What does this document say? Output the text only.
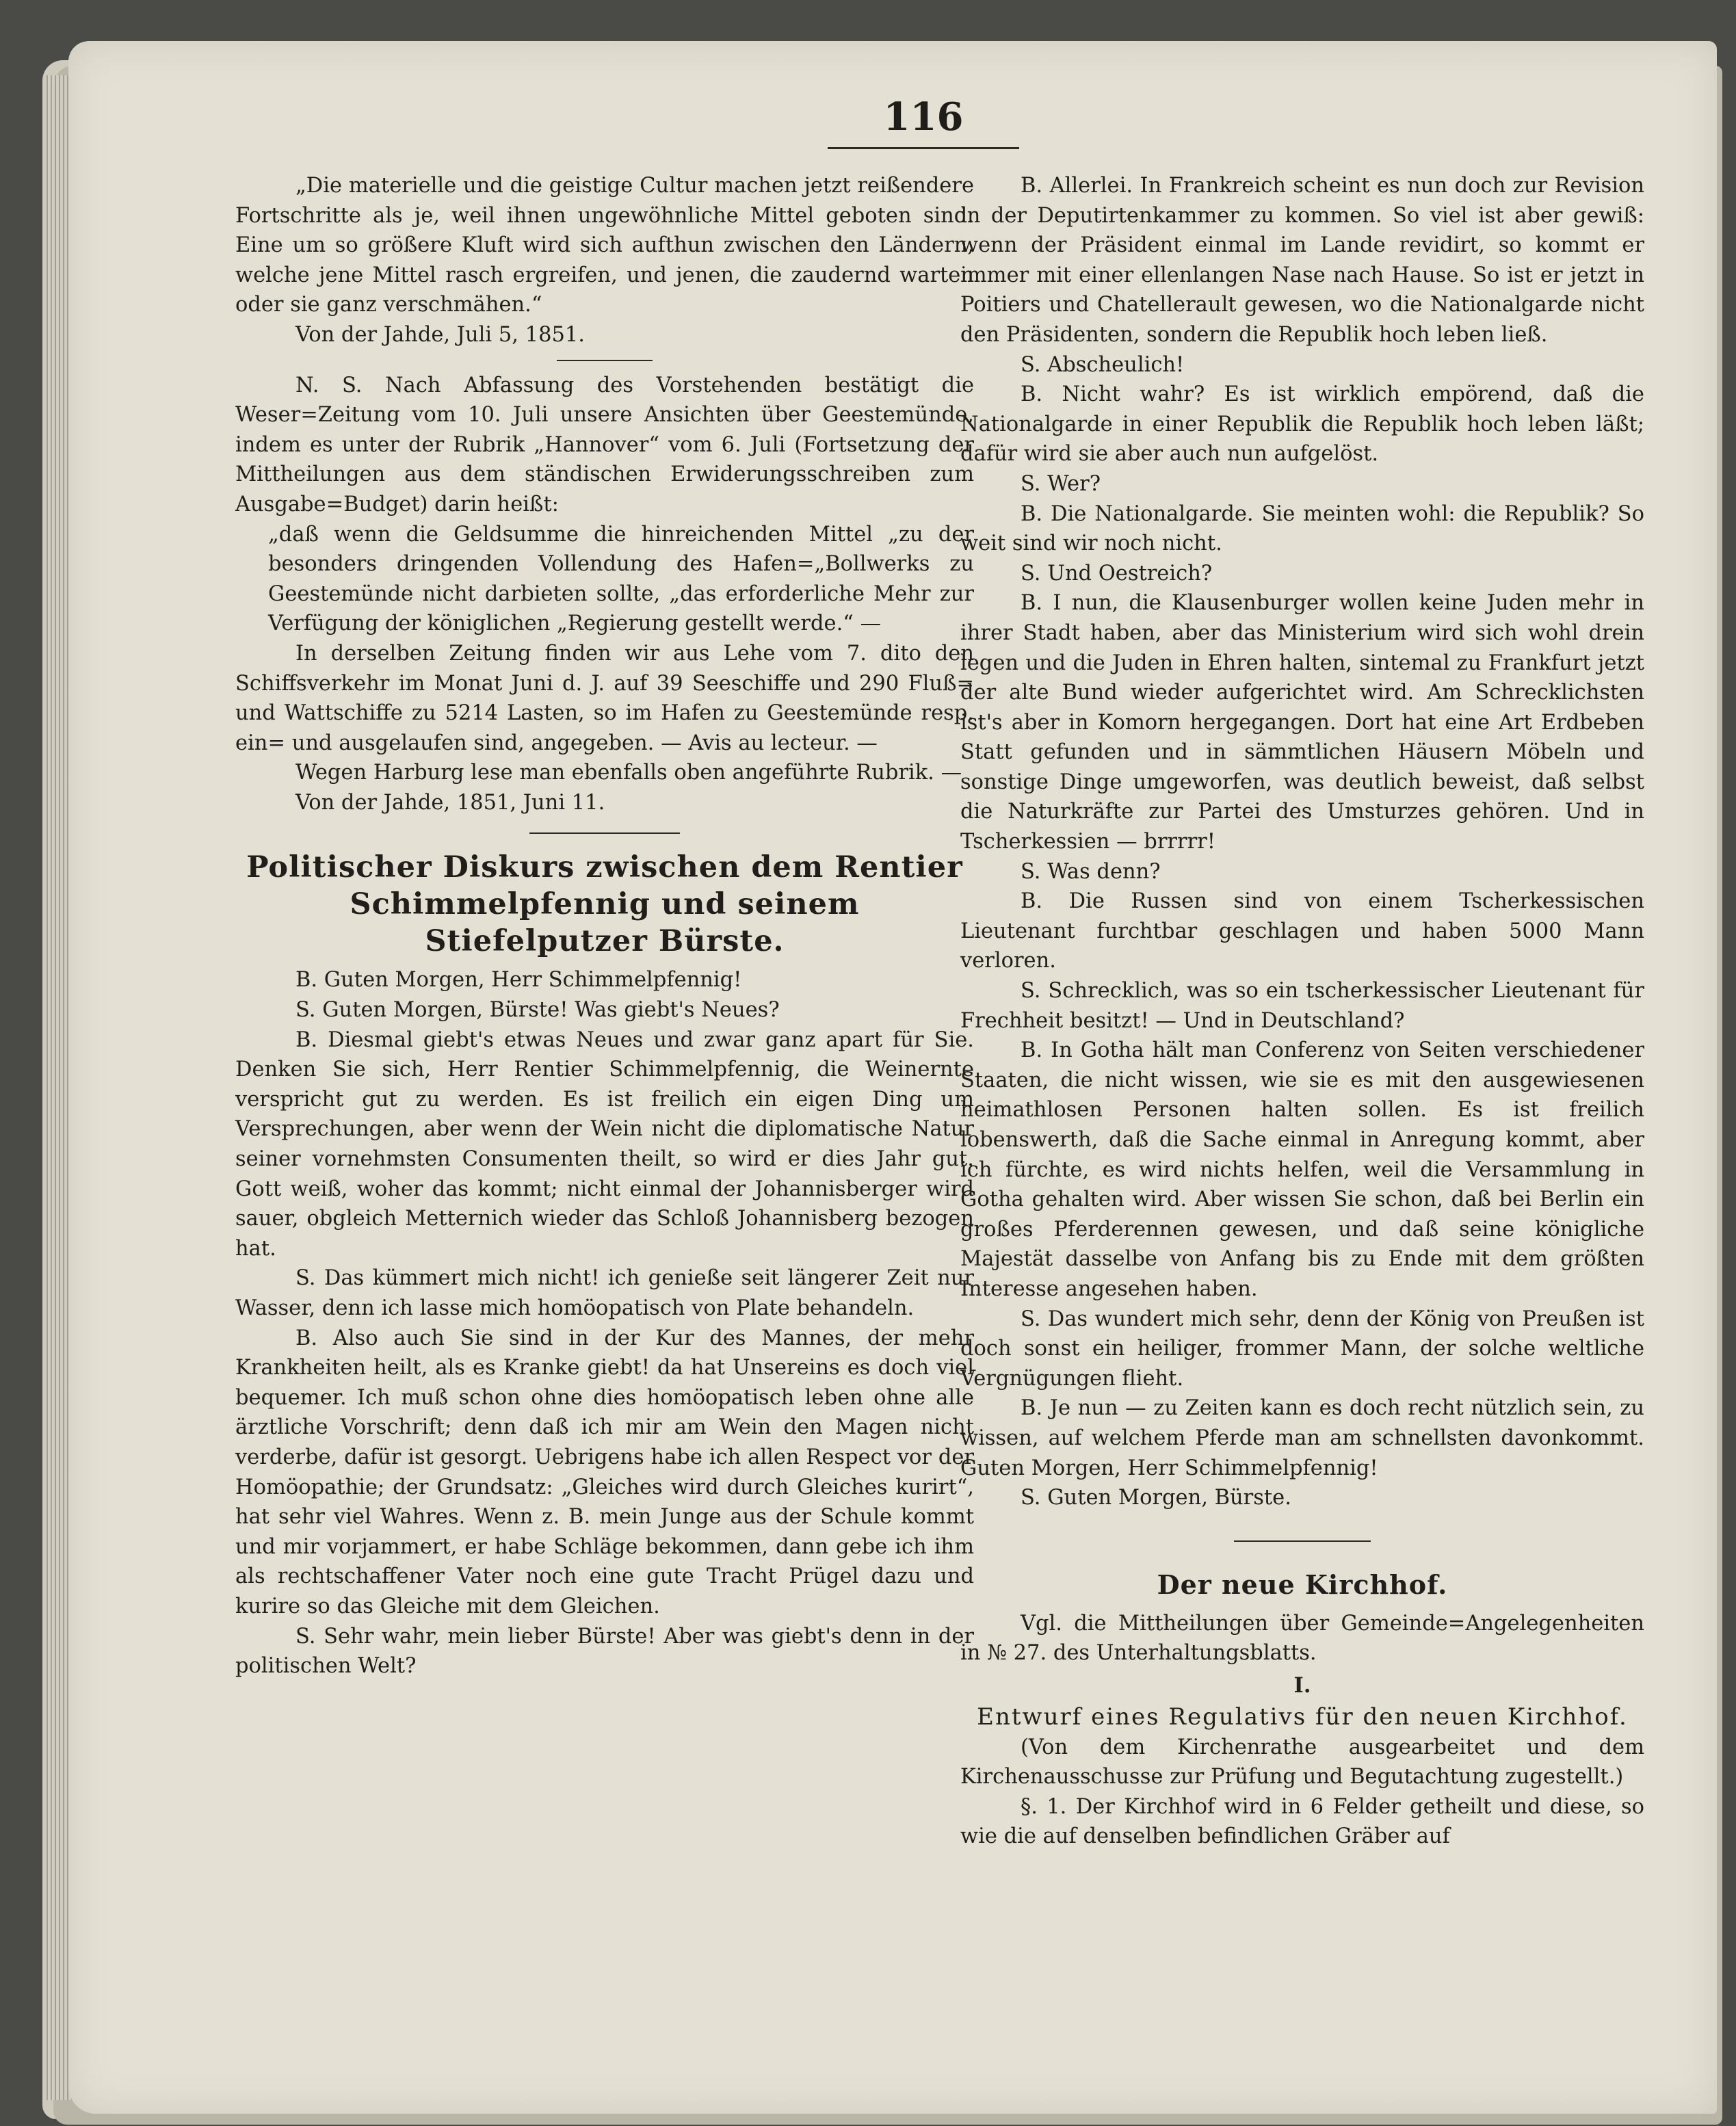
116

„Die materielle und die geistige Cultur machen jetzt reißendere Fortschritte als je, weil ihnen ungewöhnliche Mittel geboten sind. Eine um so größere Kluft wird sich aufthun zwischen den Ländern, welche jene Mittel rasch ergreifen, und jenen, die zaudernd warten oder sie ganz verschmähen.“

Von der Jahde, Juli 5, 1851.

N. S. Nach Abfassung des Vorstehenden bestätigt die Weser=Zeitung vom 10. Juli unsere Ansichten über Geestemünde, indem es unter der Rubrik „Hannover“ vom 6. Juli (Fortsetzung der Mittheilungen aus dem ständischen Erwiderungsschreiben zum Ausgabe=Budget) darin heißt:

„daß wenn die Geldsumme die hinreichenden Mittel „zu der besonders dringenden Vollendung des Hafen=„Bollwerks zu Geestemünde nicht darbieten sollte, „das erforderliche Mehr zur Verfügung der königlichen „Regierung gestellt werde.“ —

In derselben Zeitung finden wir aus Lehe vom 7. dito den Schiffsverkehr im Monat Juni d. J. auf 39 Seeschiffe und 290 Fluß= und Wattschiffe zu 5214 Lasten, so im Hafen zu Geestemünde resp. ein= und ausgelaufen sind, angegeben. — Avis au lecteur. —

Wegen Harburg lese man ebenfalls oben angeführte Rubrik. —

Von der Jahde, 1851, Juni 11.

Politischer Diskurs zwischen dem Rentier Schimmelpfennig und seinem Stiefelputzer Bürste.

B. Guten Morgen, Herr Schimmelpfennig!

S. Guten Morgen, Bürste! Was giebt's Neues?

B. Diesmal giebt's etwas Neues und zwar ganz apart für Sie. Denken Sie sich, Herr Rentier Schimmelpfennig, die Weinernte verspricht gut zu werden. Es ist freilich ein eigen Ding um Versprechungen, aber wenn der Wein nicht die diplomatische Natur seiner vornehmsten Consumenten theilt, so wird er dies Jahr gut. Gott weiß, woher das kommt; nicht einmal der Johannisberger wird sauer, obgleich Metternich wieder das Schloß Johannisberg bezogen hat.

S. Das kümmert mich nicht! ich genieße seit längerer Zeit nur Wasser, denn ich lasse mich homöopatisch von Plate behandeln.

B. Also auch Sie sind in der Kur des Mannes, der mehr Krankheiten heilt, als es Kranke giebt! da hat Unsereins es doch viel bequemer. Ich muß schon ohne dies homöopatisch leben ohne alle ärztliche Vorschrift; denn daß ich mir am Wein den Magen nicht verderbe, dafür ist gesorgt. Uebrigens habe ich allen Respect vor der Homöopathie; der Grundsatz: „Gleiches wird durch Gleiches kurirt“, hat sehr viel Wahres. Wenn z. B. mein Junge aus der Schule kommt und mir vorjammert, er habe Schläge bekommen, dann gebe ich ihm als rechtschaffener Vater noch eine gute Tracht Prügel dazu und kurire so das Gleiche mit dem Gleichen.

S. Sehr wahr, mein lieber Bürste! Aber was giebt's denn in der politischen Welt?

B. Allerlei. In Frankreich scheint es nun doch zur Revision in der Deputirtenkammer zu kommen. So viel ist aber gewiß: wenn der Präsident einmal im Lande revidirt, so kommt er immer mit einer ellenlangen Nase nach Hause. So ist er jetzt in Poitiers und Chatellerault gewesen, wo die Nationalgarde nicht den Präsidenten, sondern die Republik hoch leben ließ.

S. Abscheulich!

B. Nicht wahr? Es ist wirklich empörend, daß die Nationalgarde in einer Republik die Republik hoch leben läßt; dafür wird sie aber auch nun aufgelöst.

S. Wer?

B. Die Nationalgarde. Sie meinten wohl: die Republik? So weit sind wir noch nicht.

S. Und Oestreich?

B. I nun, die Klausenburger wollen keine Juden mehr in ihrer Stadt haben, aber das Ministerium wird sich wohl drein legen und die Juden in Ehren halten, sintemal zu Frankfurt jetzt der alte Bund wieder aufgerichtet wird. Am Schrecklichsten ist's aber in Komorn hergegangen. Dort hat eine Art Erdbeben Statt gefunden und in sämmtlichen Häusern Möbeln und sonstige Dinge umgeworfen, was deutlich beweist, daß selbst die Naturkräfte zur Partei des Umsturzes gehören. Und in Tscherkessien — brrrrr!

S. Was denn?

B. Die Russen sind von einem Tscherkessischen Lieutenant furchtbar geschlagen und haben 5000 Mann verloren.

S. Schrecklich, was so ein tscherkessischer Lieutenant für Frechheit besitzt! — Und in Deutschland?

B. In Gotha hält man Conferenz von Seiten verschiedener Staaten, die nicht wissen, wie sie es mit den ausgewiesenen heimathlosen Personen halten sollen. Es ist freilich lobenswerth, daß die Sache einmal in Anregung kommt, aber ich fürchte, es wird nichts helfen, weil die Versammlung in Gotha gehalten wird. Aber wissen Sie schon, daß bei Berlin ein großes Pferderennen gewesen, und daß seine königliche Majestät dasselbe von Anfang bis zu Ende mit dem größten Interesse angesehen haben.

S. Das wundert mich sehr, denn der König von Preußen ist doch sonst ein heiliger, frommer Mann, der solche weltliche Vergnügungen flieht.

B. Je nun — zu Zeiten kann es doch recht nützlich sein, zu wissen, auf welchem Pferde man am schnellsten davonkommt. Guten Morgen, Herr Schimmelpfennig!

S. Guten Morgen, Bürste.

Der neue Kirchhof.

Vgl. die Mittheilungen über Gemeinde=Angelegenheiten in № 27. des Unterhaltungsblatts.

I.
Entwurf eines Regulativs für den neuen Kirchhof.

(Von dem Kirchenrathe ausgearbeitet und dem Kirchenausschusse zur Prüfung und Begutachtung zugestellt.)

§. 1. Der Kirchhof wird in 6 Felder getheilt und diese, so wie die auf denselben befindlichen Gräber auf
